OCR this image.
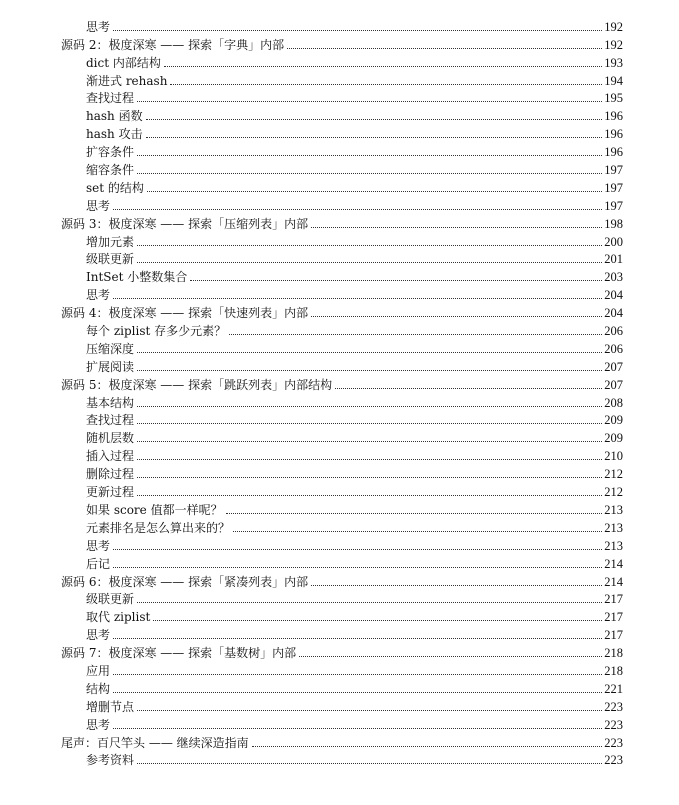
思考	192
源码 2：极度深寒 —— 探索「字典」内部	192
dict 内部结构	193
渐进式 rehash	194
查找过程	195
hash 函数	196
hash 攻击	196
扩容条件	196
缩容条件	197
set 的结构	197
思考	197
源码 3：极度深寒 —— 探索「压缩列表」内部	198
增加元素	200
级联更新	201
IntSet 小整数集合	203
思考	204
源码 4：极度深寒 —— 探索「快速列表」内部	204
每个 ziplist 存多少元素？	206
压缩深度	206
扩展阅读	207
源码 5：极度深寒 —— 探索「跳跃列表」内部结构	207
基本结构	208
查找过程	209
随机层数	209
插入过程	210
删除过程	212
更新过程	212
如果 score 值都一样呢？	213
元素排名是怎么算出来的？	213
思考	213
后记	214
源码 6：极度深寒 —— 探索「紧凑列表」内部	214
级联更新	217
取代 ziplist	217
思考	217
源码 7：极度深寒 —— 探索「基数树」内部	218
应用	218
结构	221
增删节点	223
思考	223
尾声：百尺竿头 —— 继续深造指南	223
参考资料	223
